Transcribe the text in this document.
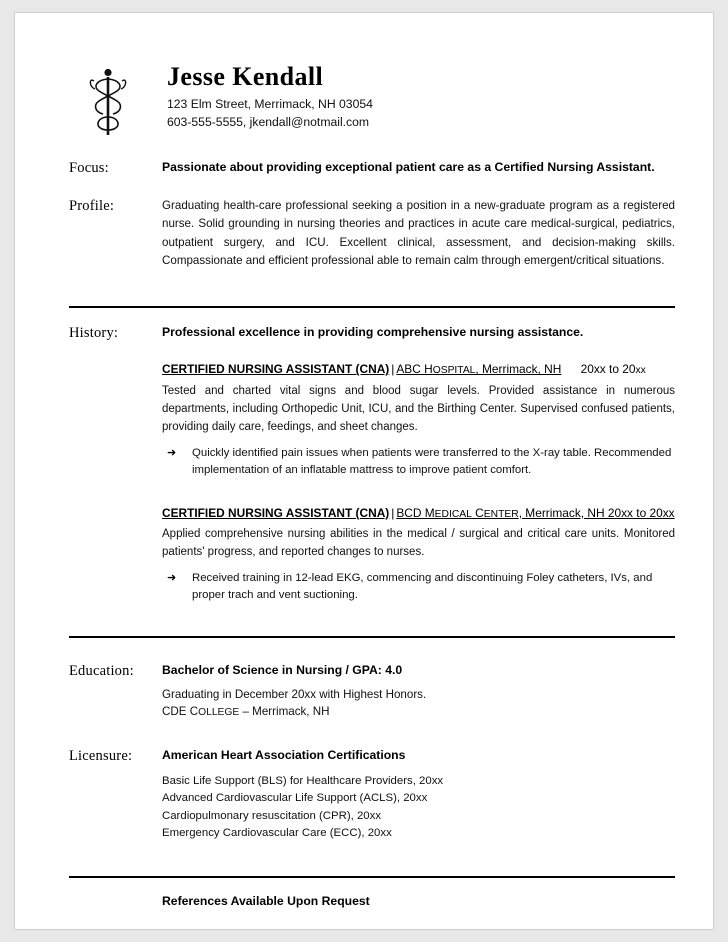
Jesse Kendall
123 Elm Street, Merrimack, NH 03054
603-555-5555, jkendall@notmail.com
Focus:	Passionate about providing exceptional patient care as a Certified Nursing Assistant.
Profile:	Graduating health-care professional seeking a position in a new-graduate program as a registered nurse. Solid grounding in nursing theories and practices in acute care medical-surgical, pediatrics, outpatient surgery, and ICU. Excellent clinical, assessment, and decision-making skills. Compassionate and efficient professional able to remain calm through emergent/critical situations.
History:	Professional excellence in providing comprehensive nursing assistance.
CERTIFIED NURSING ASSISTANT (CNA) | ABC HOSPITAL, Merrimack, NH 20xx to 20xx
Tested and charted vital signs and blood sugar levels. Provided assistance in numerous departments, including Orthopedic Unit, ICU, and the Birthing Center. Supervised confused patients, providing daily care, feedings, and sheet changes.
➜	Quickly identified pain issues when patients were transferred to the X-ray table. Recommended implementation of an inflatable mattress to improve patient comfort.
CERTIFIED NURSING ASSISTANT (CNA) | BCD MEDICAL CENTER, Merrimack, NH 20xx to 20xx
Applied comprehensive nursing abilities in the medical / surgical and critical care units. Monitored patients' progress, and reported changes to nurses.
➜	Received training in 12-lead EKG, commencing and discontinuing Foley catheters, IVs, and proper trach and vent suctioning.
Education:	Bachelor of Science in Nursing / GPA: 4.0
Graduating in December 20xx with Highest Honors.
CDE COLLEGE – Merrimack, NH
Licensure:	American Heart Association Certifications
Basic Life Support (BLS) for Healthcare Providers, 20xx
Advanced Cardiovascular Life Support (ACLS), 20xx
Cardiopulmonary resuscitation (CPR), 20xx
Emergency Cardiovascular Care (ECC), 20xx
References Available Upon Request
